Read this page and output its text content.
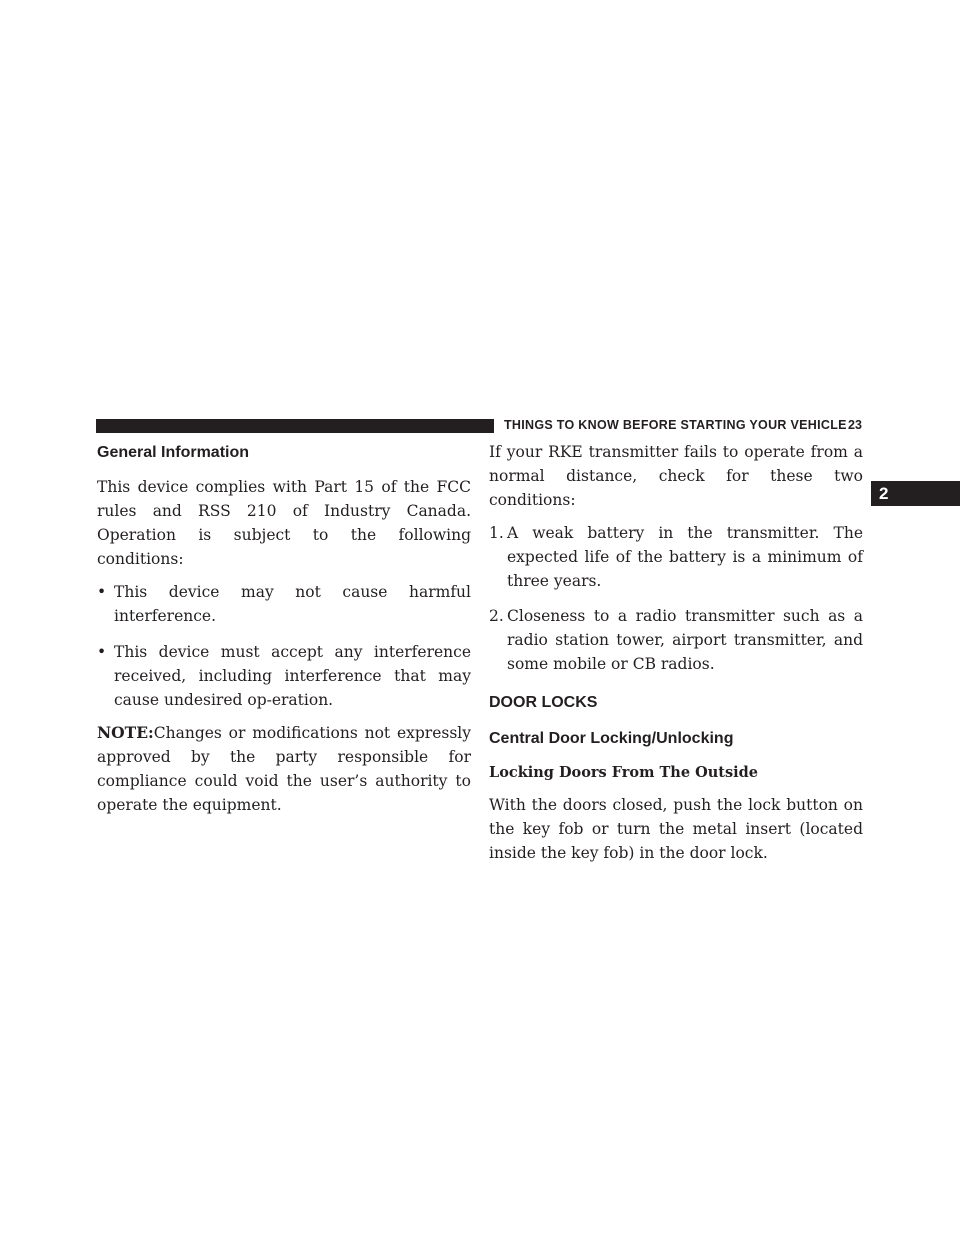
THINGS TO KNOW BEFORE STARTING YOUR VEHICLE 23
2
General Information

This device complies with Part 15 of the FCC rules and RSS 210 of Industry Canada. Operation is subject to the following conditions:

• This device may not cause harmful interference.
• This device must accept any interference received, including interference that may cause undesired op-eration.

NOTE:Changes or modifications not expressly approved by the party responsible for compliance could void the user’s authority to operate the equipment.

If your RKE transmitter fails to operate from a normal distance, check for these two conditions:

1. A weak battery in the transmitter. The expected life of the battery is a minimum of three years.
2. Closeness to a radio transmitter such as a radio station tower, airport transmitter, and some mobile or CB radios.
DOOR LOCKS
Central Door Locking/Unlocking
Locking Doors From The Outside

With the doors closed, push the lock button on the key fob or turn the metal insert (located inside the key fob) in the door lock.
